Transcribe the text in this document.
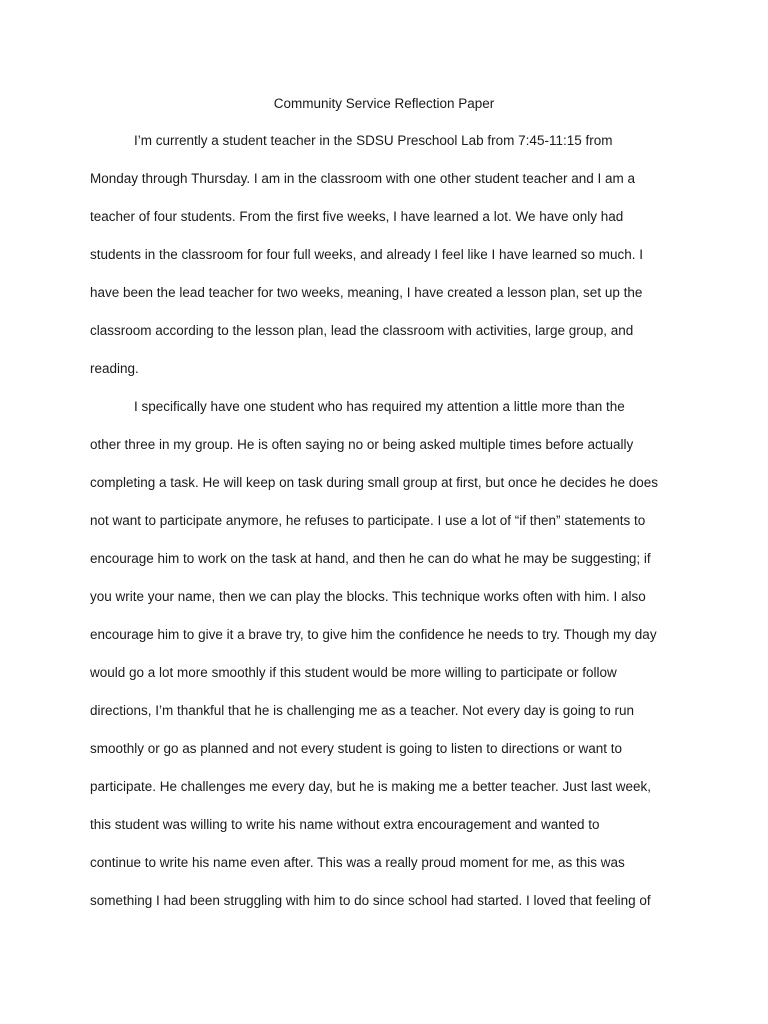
Community Service Reflection Paper
I’m currently a student teacher in the SDSU Preschool Lab from 7:45-11:15 from
Monday through Thursday. I am in the classroom with one other student teacher and I am a
teacher of four students. From the first five weeks, I have learned a lot. We have only had
students in the classroom for four full weeks, and already I feel like I have learned so much. I
have been the lead teacher for two weeks, meaning, I have created a lesson plan, set up the
classroom according to the lesson plan, lead the classroom with activities, large group, and
reading.
I specifically have one student who has required my attention a little more than the
other three in my group. He is often saying no or being asked multiple times before actually
completing a task. He will keep on task during small group at first, but once he decides he does
not want to participate anymore, he refuses to participate. I use a lot of “if then” statements to
encourage him to work on the task at hand, and then he can do what he may be suggesting; if
you write your name, then we can play the blocks. This technique works often with him. I also
encourage him to give it a brave try, to give him the confidence he needs to try. Though my day
would go a lot more smoothly if this student would be more willing to participate or follow
directions, I’m thankful that he is challenging me as a teacher. Not every day is going to run
smoothly or go as planned and not every student is going to listen to directions or want to
participate. He challenges me every day, but he is making me a better teacher. Just last week,
this student was willing to write his name without extra encouragement and wanted to
continue to write his name even after. This was a really proud moment for me, as this was
something I had been struggling with him to do since school had started. I loved that feeling of
